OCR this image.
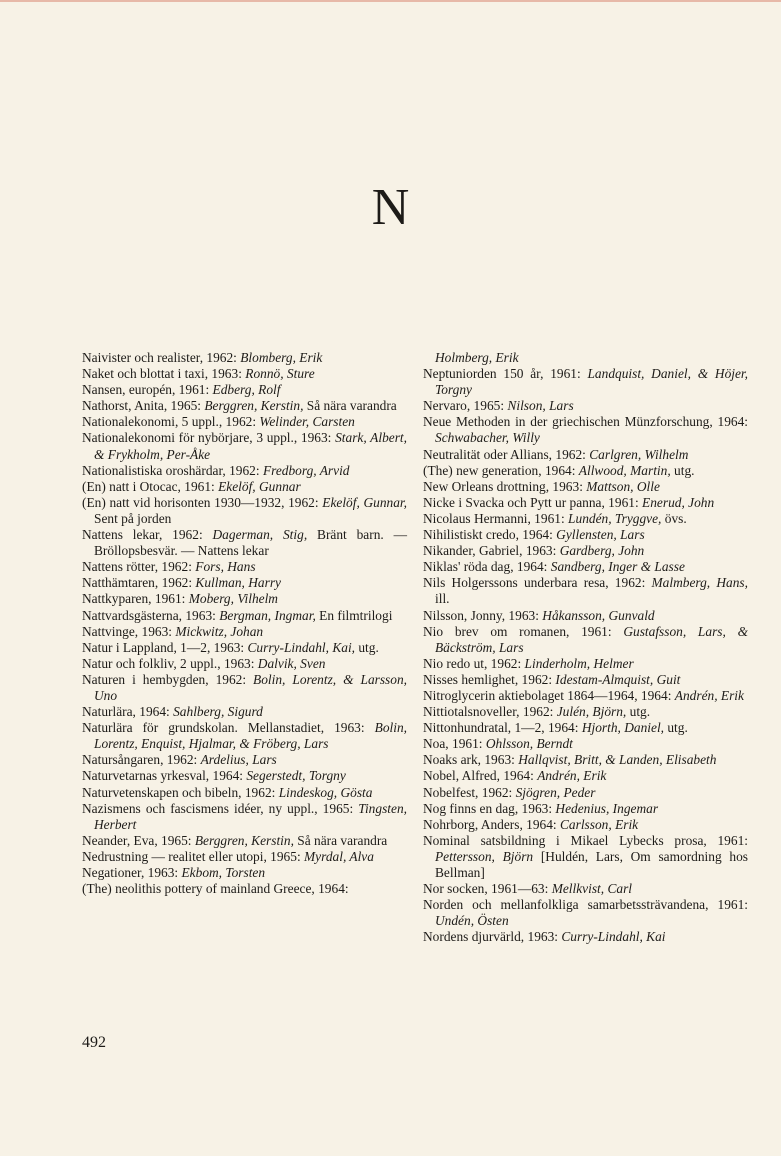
N

Naivister och realister, 1962: Blomberg, Erik

Naket och blottat i taxi, 1963: Ronnö, Sture

Nansen, europén, 1961: Edberg, Rolf

Nathorst, Anita, 1965: Berggren, Kerstin, Så nära varandra

Nationalekonomi, 5 uppl., 1962: Welinder, Carsten

Nationalekonomi för nybörjare, 3 uppl., 1963: Stark, Albert, & Frykholm, Per-Åke

Nationalistiska oroshärdar, 1962: Fredborg, Arvid

(En) natt i Otocac, 1961: Ekelöf, Gunnar

(En) natt vid horisonten 1930—1932, 1962: Ekelöf, Gunnar, Sent på jorden

Nattens lekar, 1962: Dagerman, Stig, Bränt barn. — Bröllopsbesvär. — Nattens lekar

Nattens rötter, 1962: Fors, Hans

Natthämtaren, 1962: Kullman, Harry

Nattkyparen, 1961: Moberg, Vilhelm

Nattvardsgästerna, 1963: Bergman, Ingmar, En filmtrilogi

Nattvinge, 1963: Mickwitz, Johan

Natur i Lappland, 1—2, 1963: Curry-Lindahl, Kai, utg.

Natur och folkliv, 2 uppl., 1963: Dalvik, Sven

Naturen i hembygden, 1962: Bolin, Lorentz, & Larsson, Uno

Naturlära, 1964: Sahlberg, Sigurd

Naturlära för grundskolan. Mellanstadiet, 1963: Bolin, Lorentz, Enquist, Hjalmar, & Fröberg, Lars

Natursångaren, 1962: Ardelius, Lars

Naturvetarnas yrkesval, 1964: Segerstedt, Torgny

Naturvetenskapen och bibeln, 1962: Lindeskog, Gösta

Nazismens och fascismens idéer, ny uppl., 1965: Tingsten, Herbert

Neander, Eva, 1965: Berggren, Kerstin, Så nära varandra

Nedrustning — realitet eller utopi, 1965: Myrdal, Alva

Negationer, 1963: Ekbom, Torsten

(The) neolithis pottery of mainland Greece, 1964:

Holmberg, Erik

Neptuniorden 150 år, 1961: Landquist, Daniel, & Höjer, Torgny

Nervaro, 1965: Nilson, Lars

Neue Methoden in der griechischen Münzforschung, 1964: Schwabacher, Willy

Neutralität oder Allians, 1962: Carlgren, Wilhelm

(The) new generation, 1964: Allwood, Martin, utg.

New Orleans drottning, 1963: Mattson, Olle

Nicke i Svacka och Pytt ur panna, 1961: Enerud, John

Nicolaus Hermanni, 1961: Lundén, Tryggve, övs.

Nihilistiskt credo, 1964: Gyllensten, Lars

Nikander, Gabriel, 1963: Gardberg, John

Niklas' röda dag, 1964: Sandberg, Inger & Lasse

Nils Holgerssons underbara resa, 1962: Malmberg, Hans, ill.

Nilsson, Jonny, 1963: Håkansson, Gunvald

Nio brev om romanen, 1961: Gustafsson, Lars, & Bäckström, Lars

Nio redo ut, 1962: Linderholm, Helmer

Nisses hemlighet, 1962: Idestam-Almquist, Guit

Nitroglycerin aktiebolaget 1864—1964, 1964: Andrén, Erik

Nittiotalsnoveller, 1962: Julén, Björn, utg.

Nittonhundratal, 1—2, 1964: Hjorth, Daniel, utg.

Noa, 1961: Ohlsson, Berndt

Noaks ark, 1963: Hallqvist, Britt, & Landen, Elisabeth

Nobel, Alfred, 1964: Andrén, Erik

Nobelfest, 1962: Sjögren, Peder

Nog finns en dag, 1963: Hedenius, Ingemar

Nohrborg, Anders, 1964: Carlsson, Erik

Nominal satsbildning i Mikael Lybecks prosa, 1961: Pettersson, Björn [Huldén, Lars, Om samordning hos Bellman]

Nor socken, 1961—63: Mellkvist, Carl

Norden och mellanfolkliga samarbetssträvandena, 1961: Undén, Östen

Nordens djurvärld, 1963: Curry-Lindahl, Kai

492
